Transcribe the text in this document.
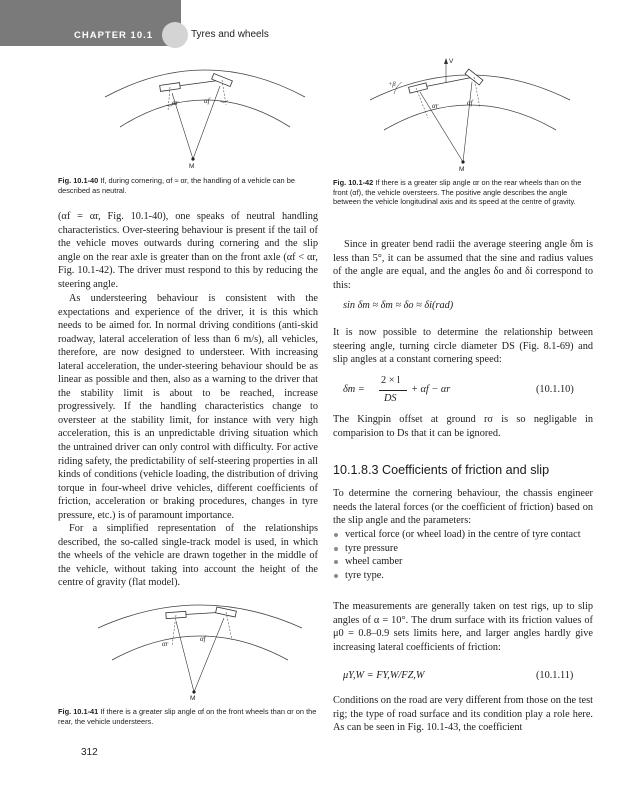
CHAPTER 10.1	Tyres and wheels
αr	αf
M
Fig. 10.1-40 If, during cornering, αf ≈ αr, the handling of a vehicle can be described as neutral.
V
+β
αr	αf
M
Fig. 10.1-42 If there is a greater slip angle αr on the rear wheels than on the front (αf), the vehicle oversteers. The positive angle describes the angle between the vehicle longitudinal axis and its speed at the centre of gravity.

(αf = αr, Fig. 10.1-40), one speaks of neutral handling characteristics. Over-steering behaviour is present if the tail of the vehicle moves outwards during cornering and the slip angle on the rear axle is greater than on the front axle (αf < αr, Fig. 10.1-42). The driver must respond to this by reducing the steering angle.

As understeering behaviour is consistent with the expectations and experience of the driver, it is this which needs to be aimed for. In normal driving conditions (anti-skid roadway, lateral acceleration of less than 6 m/s), all vehicles, therefore, are now designed to understeer. With increasing lateral acceleration, the under-steering behaviour should be as linear as possible and then, also as a warning to the driver that the stability limit is about to be reached, increase progressively. If the handling characteristics change to oversteer at the stability limit, for instance with very high acceleration, this is an unpredictable driving situation which the untrained driver can only control with difficulty. For active riding safety, the predictability of self-steering properties in all kinds of conditions (vehicle loading, the distribution of driving torque in four-wheel drive vehicles, different coefficients of friction, acceleration or braking procedures, changes in tyre pressure, etc.) is of paramount importance.

For a simplified representation of the relationships described, the so-called single-track model is used, in which the wheels of the vehicle are drawn together in the middle of the vehicle, without taking into account the height of the centre of gravity (flat model).

αr
αf
M
Fig. 10.1-41 If there is a greater slip angle αf on the front wheels than αr on the rear, the vehicle understeers.

Since in greater bend radii the average steering angle δm is less than 5°, it can be assumed that the sine and radius values of the angle are equal, and the angles δo and δi correspond to this:

sin δm ≈ δm ≈ δo ≈ δi(rad)

It is now possible to determine the relationship between steering angle, turning circle diameter DS (Fig. 8.1-69) and slip angles at a constant cornering speed:

δm =
2 × l
DS
+ αf − αr	(10.1.10)

The Kingpin offset at ground rσ is so negligable in comparision to Ds that it can be ignored.

10.1.8.3 Coefficients of friction and slip

To determine the cornering behaviour, the chassis engineer needs the lateral forces (or the coefficient of friction) based on the slip angle and the parameters:

vertical force (or wheel load) in the centre of tyre contact
tyre pressure
wheel camber
tyre type.

The measurements are generally taken on test rigs, up to slip angles of α = 10°. The drum surface with its friction values of μ0 = 0.8–0.9 sets limits here, and larger angles hardly give increasing lateral coefficients of friction:

μY,W = FY,W/FZ,W	(10.1.11)

Conditions on the road are very different from those on the test rig; the type of road surface and its condition play a role here. As can be seen in Fig. 10.1-43, the coefficient

312
